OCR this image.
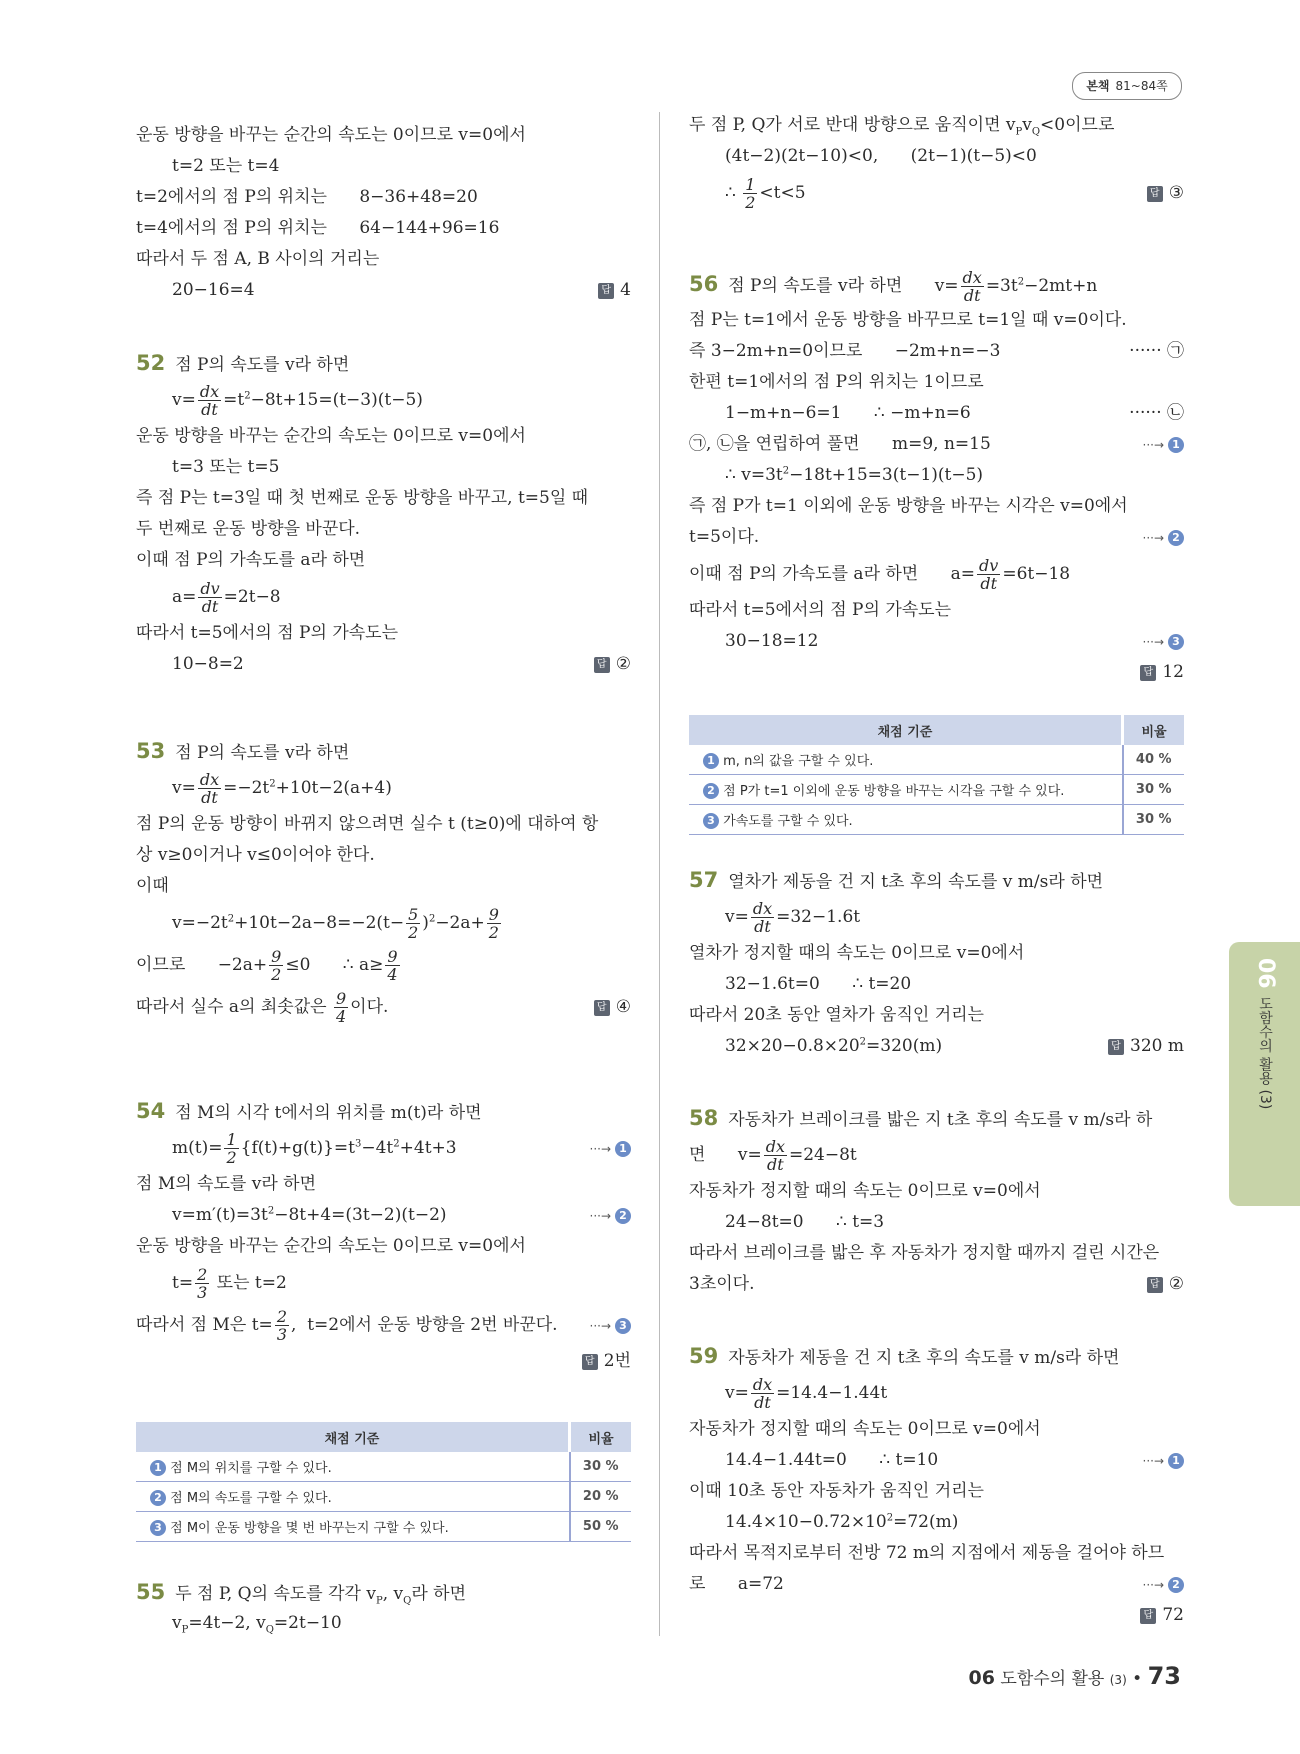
본책 81~84쪽
운동 방향을 바꾸는 순간의 속도는 0이므로 v=0에서
t=2 또는 t=4
t=2에서의 점 P의 위치는      8−36+48=20
t=4에서의 점 P의 위치는      64−144+96=16
따라서 두 점 A, B 사이의 거리는
20−16=4	답 4
52 점 P의 속도를 v라 하면
$v= \frac{dx}{dt} =t^2-8t+15=(t-3)(t-5)$
운동 방향을 바꾸는 순간의 속도는 0이므로 v=0에서
t=3 또는 t=5
즉 점 P는 t=3일 때 첫 번째로 운동 방향을 바꾸고, t=5일 때
두 번째로 운동 방향을 바꾼다.
이때 점 P의 가속도를 a라 하면
$a= \frac{dv}{dt} =2t-8$
따라서 t=5에서의 점 P의 가속도는
10−8=2	답 ②
53 점 P의 속도를 v라 하면
$v= \frac{dx}{dt} =-2t^2+10t-2(a+4)$
점 P의 운동 방향이 바뀌지 않으려면 실수 t (t≥0)에 대하여 항
상 v≥0이거나 v≤0이어야 한다.
이때
$v=-2t^2+10t-2a-8=-2(t- \frac{5}{2} )^2-2a+ \frac{9}{2}$
이므로      $-2a+ \frac{9}{2} \le 0$      ∴ $a\ge \frac{9}{4}$
따라서 실수 a의 최솟값은 $\frac{9}{4}$ 이다.	답 ④
54 점 M의 시각 t에서의 위치를 m(t)라 하면
$m(t)= \frac{1}{2} \{f(t)+g(t)\}=t^3-4t^2+4t+3$	···→ 1
점 M의 속도를 v라 하면
$v=m'(t)=3t^2-8t+4=(3t-2)(t-2)$	···→ 2
운동 방향을 바꾸는 순간의 속도는 0이므로 v=0에서
$t= \frac{2}{3}$ 또는 t=2
따라서 점 M은 $t= \frac{2}{3}$ ,  t=2에서 운동 방향을 2번 바꾼다.	···→ 3
답 2번
55 두 점 P, Q의 속도를 각각 $v_P$, $v_Q$라 하면
$v_P=4t-2$, $v_Q=2t-10$
두 점 P, Q가 서로 반대 방향으로 움직이면 $v_Pv_Q<0$이므로
(4t−2)(2t−10)<0,      (2t−1)(t−5)<0
∴ $\frac{1}{2} <t<5$	답 ③
56 점 P의 속도를 v라 하면      $v= \frac{dx}{dt} =3t^2-2mt+n$
점 P는 t=1에서 운동 방향을 바꾸므로 t=1일 때 v=0이다.
즉 3−2m+n=0이므로      −2m+n=−3	······ ㉠
한편 t=1에서의 점 P의 위치는 1이므로
1−m+n−6=1      ∴ −m+n=6	······ ㉡
㉠, ㉡을 연립하여 풀면      m=9, n=15	···→ 1
∴ $v=3t^2-18t+15=3(t-1)(t-5)$
즉 점 P가 t=1 이외에 운동 방향을 바꾸는 시각은 v=0에서
t=5이다.	···→ 2
이때 점 P의 가속도를 a라 하면      $a= \frac{dv}{dt} =6t-18$
따라서 t=5에서의 점 P의 가속도는
30−18=12	···→ 3
답 12
57 열차가 제동을 건 지 t초 후의 속도를 v m/s라 하면
$v= \frac{dx}{dt} =32-1.6t$
열차가 정지할 때의 속도는 0이므로 v=0에서
32−1.6t=0      ∴ t=20
따라서 20초 동안 열차가 움직인 거리는
$32\times 20-0.8\times 20^2=320(m)$	답 320 m
58 자동차가 브레이크를 밟은 지 t초 후의 속도를 v m/s라 하
면      $v= \frac{dx}{dt} =24-8t$
자동차가 정지할 때의 속도는 0이므로 v=0에서
24−8t=0      ∴ t=3
따라서 브레이크를 밟은 후 자동차가 정지할 때까지 걸린 시간은
3초이다.	답 ②
59 자동차가 제동을 건 지 t초 후의 속도를 v m/s라 하면
$v= \frac{dx}{dt} =14.4-1.44t$
자동차가 정지할 때의 속도는 0이므로 v=0에서
14.4−1.44t=0      ∴ t=10	···→ 1
이때 10초 동안 자동차가 움직인 거리는
$14.4\times 10-0.72\times 10^2=72(m)$
따라서 목적지로부터 전방 72 m의 지점에서 제동을 걸어야 하므
로      a=72	···→ 2
답 72
채점 기준	비율
1 점 M의 위치를 구할 수 있다.	30 %
2 점 M의 속도를 구할 수 있다.	20 %
3 점 M이 운동 방향을 몇 번 바꾸는지 구할 수 있다.	50 %
채점 기준	비율
1 m, n의 값을 구할 수 있다.	40 %
2 점 P가 t=1 이외에 운동 방향을 바꾸는 시각을 구할 수 있다.	30 %
3 가속도를 구할 수 있다.	30 %
06도함수의 활용 (3)
06 도함수의 활용 (3) • 73
